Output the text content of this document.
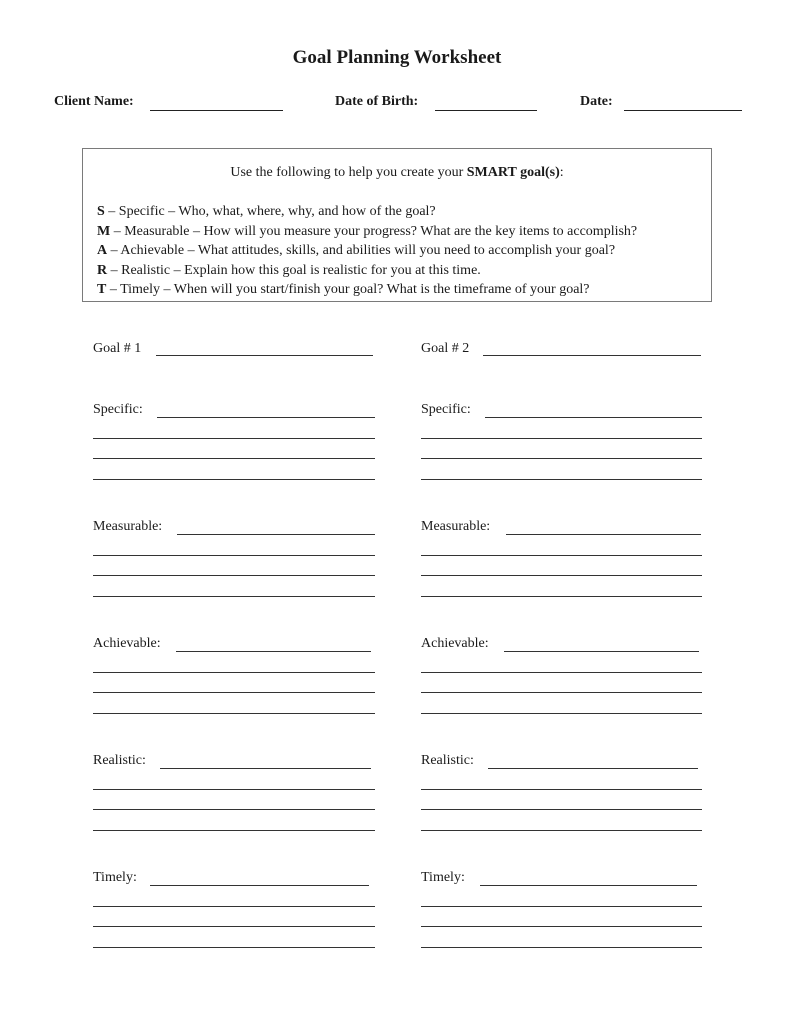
Goal Planning Worksheet
Client Name:	Date of Birth:	Date:
Use the following to help you create your SMART goal(s):
S – Specific – Who, what, where, why, and how of the goal?
M – Measurable – How will you measure your progress? What are the key items to accomplish?
A – Achievable – What attitudes, skills, and abilities will you need to accomplish your goal?
R – Realistic – Explain how this goal is realistic for you at this time.
T – Timely – When will you start/finish your goal? What is the timeframe of your goal?
Goal # 1
Specific:
Measurable:
Achievable:
Realistic:
Timely:
Goal # 2
Specific:
Measurable:
Achievable:
Realistic:
Timely:
